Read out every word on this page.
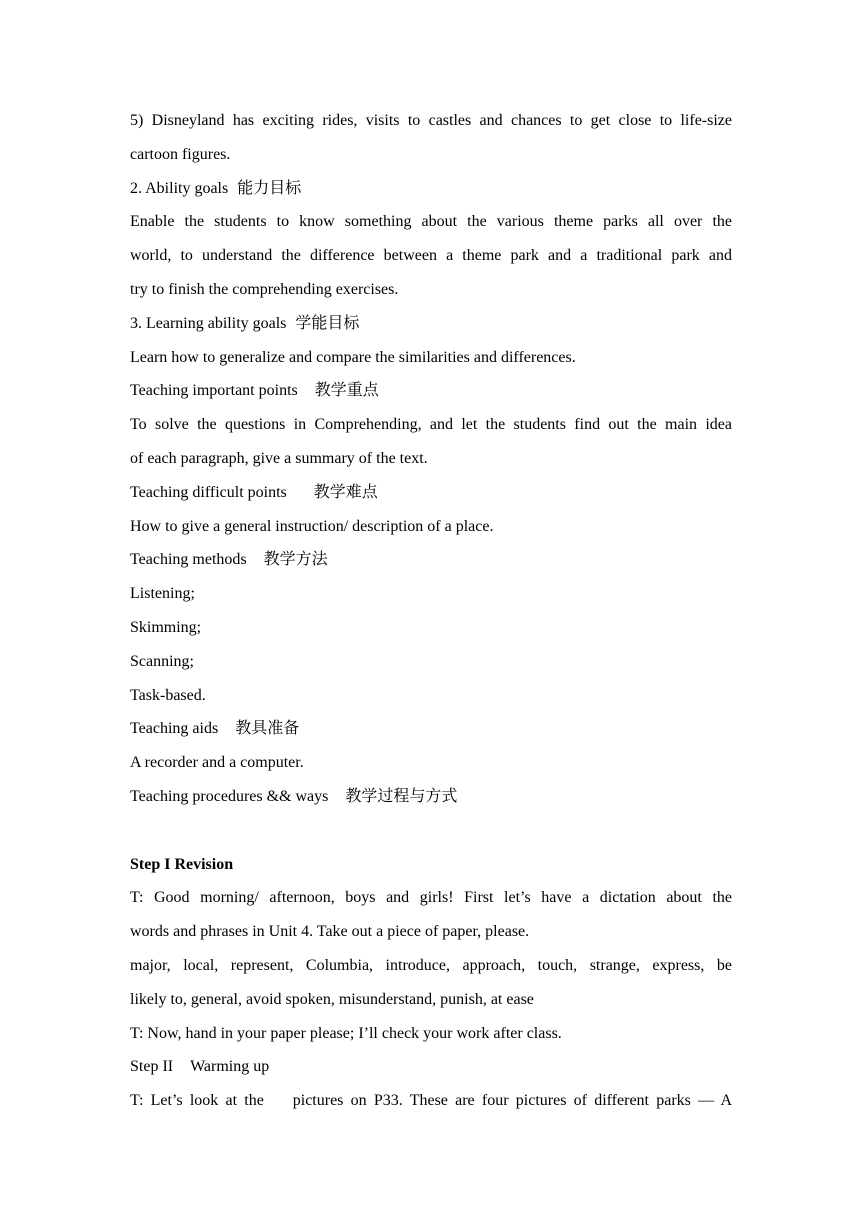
5) Disneyland has exciting rides, visits to castles and chances to get close to life-size
cartoon figures.
2. Ability goals 能力目标
Enable the students to know something about the various theme parks all over the
world, to understand the difference between a theme park and a traditional park and
try to finish the comprehending exercises.
3. Learning ability goals 学能目标
Learn how to generalize and compare the similarities and differences.
Teaching important points 教学重点
To solve the questions in Comprehending, and let the students find out the main idea
of each paragraph, give a summary of the text.
Teaching difficult points 教学难点
How to give a general instruction/ description of a place.
Teaching methods 教学方法
Listening;
Skimming;
Scanning;
Task-based.
Teaching aids 教具准备
A recorder and a computer.
Teaching procedures && ways 教学过程与方式
Step I Revision
T: Good morning/ afternoon, boys and girls! First let’s have a dictation about the
words and phrases in Unit 4. Take out a piece of paper, please.
major, local, represent, Columbia, introduce, approach, touch, strange, express, be
likely to, general, avoid spoken, misunderstand, punish, at ease
T: Now, hand in your paper please; I’ll check your work after class.
Step II Warming up
T: Let’s look at the    pictures on P33. These are four pictures of different parks — A
